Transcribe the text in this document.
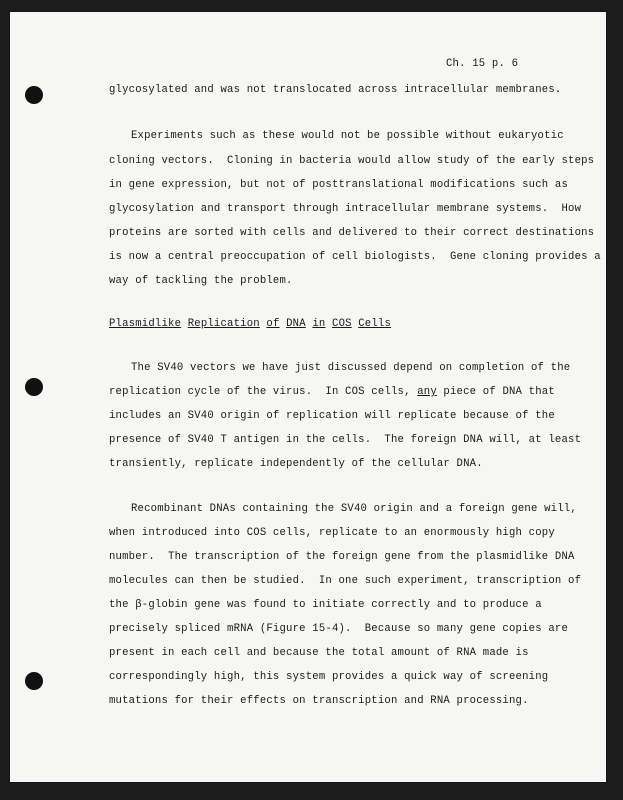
Ch. 15 p. 6
glycosylated and was not translocated across intracellular membranes.
Experiments such as these would not be possible without eukaryotic
cloning vectors.  Cloning in bacteria would allow study of the early steps
in gene expression, but not of posttranslational modifications such as
glycosylation and transport through intracellular membrane systems.  How
proteins are sorted with cells and delivered to their correct destinations
is now a central preoccupation of cell biologists.  Gene cloning provides a
way of tackling the problem.
Plasmidlike Replication of DNA in COS Cells
The SV40 vectors we have just discussed depend on completion of the
replication cycle of the virus.  In COS cells, any piece of DNA that
includes an SV40 origin of replication will replicate because of the
presence of SV40 T antigen in the cells.  The foreign DNA will, at least
transiently, replicate independently of the cellular DNA.
Recombinant DNAs containing the SV40 origin and a foreign gene will,
when introduced into COS cells, replicate to an enormously high copy
number.  The transcription of the foreign gene from the plasmidlike DNA
molecules can then be studied.  In one such experiment, transcription of
the β-globin gene was found to initiate correctly and to produce a
precisely spliced mRNA (Figure 15-4).  Because so many gene copies are
present in each cell and because the total amount of RNA made is
correspondingly high, this system provides a quick way of screening
mutations for their effects on transcription and RNA processing.
